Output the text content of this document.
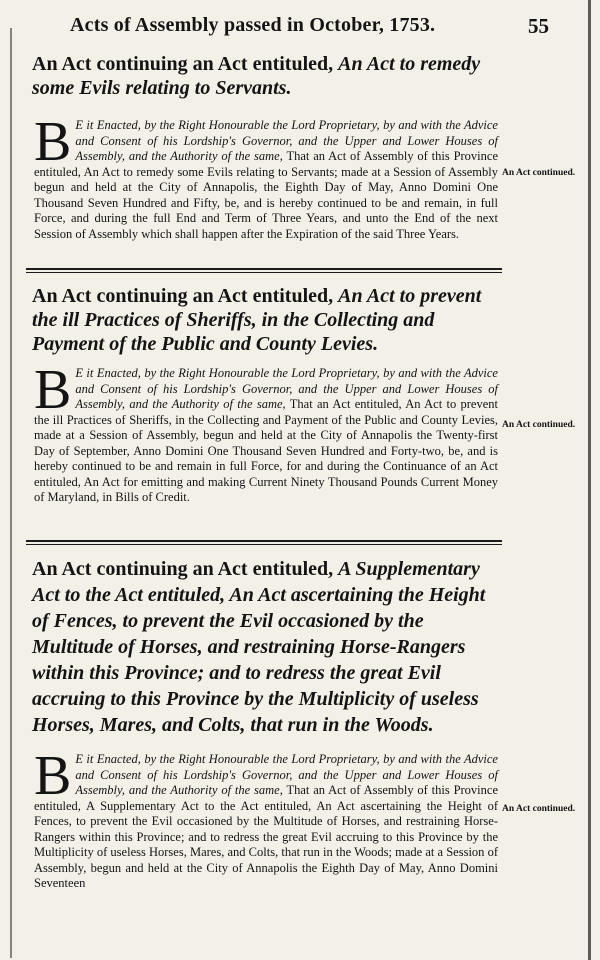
Acts of Assembly passed in October, 1753.	55
An Act continuing an Act entituled, An Act to remedy some Evils relating to Servants.

B E it Enacted, by the Right Honourable the Lord Proprietary, by and with the Advice and Consent of his Lordship's Governor, and the Upper and Lower Houses of Assembly, and the Authority of the same, That an Act of Assembly of this Province entituled, An Act to remedy some Evils relating to Servants; made at a Session of Assembly begun and held at the City of Annapolis, the Eighth Day of May, Anno Domini One Thousand Seven Hundred and Fifty, be, and is hereby continued to be and remain, in full Force, and during the full End and Term of Three Years, and unto the End of the next Session of Assembly which shall happen after the Expiration of the said Three Years.

An Act continued.
An Act continuing an Act entituled, An Act to prevent the ill Practices of Sheriffs, in the Collecting and Payment of the Public and County Levies.

B E it Enacted, by the Right Honourable the Lord Proprietary, by and with the Advice and Consent of his Lordship's Governor, and the Upper and Lower Houses of Assembly, and the Authority of the same, That an Act entituled, An Act to prevent the ill Practices of Sheriffs, in the Collecting and Payment of the Public and County Levies, made at a Session of Assembly, begun and held at the City of Annapolis the Twenty-first Day of September, Anno Domini One Thousand Seven Hundred and Forty-two, be, and is hereby continued to be and remain in full Force, for and during the Continuance of an Act entituled, An Act for emitting and making Current Ninety Thousand Pounds Current Money of Maryland, in Bills of Credit.

An Act continued.
An Act continuing an Act entituled, A Supplementary Act to the Act entituled, An Act ascertaining the Height of Fences, to prevent the Evil occasioned by the Multitude of Horses, and restraining Horse-Rangers within this Province; and to redress the great Evil accruing to this Province by the Multiplicity of useless Horses, Mares, and Colts, that run in the Woods.

B E it Enacted, by the Right Honourable the Lord Proprietary, by and with the Advice and Consent of his Lordship's Governor, and the Upper and Lower Houses of Assembly, and the Authority of the same, That an Act of Assembly of this Province entituled, A Supplementary Act to the Act entituled, An Act ascertaining the Height of Fences, to prevent the Evil occasioned by the Multitude of Horses, and restraining Horse-Rangers within this Province; and to redress the great Evil accruing to this Province by the Multiplicity of useless Horses, Mares, and Colts, that run in the Woods; made at a Session of Assembly, begun and held at the City of Annapolis the Eighth Day of May, Anno Domini Seventeen

An Act continued.
